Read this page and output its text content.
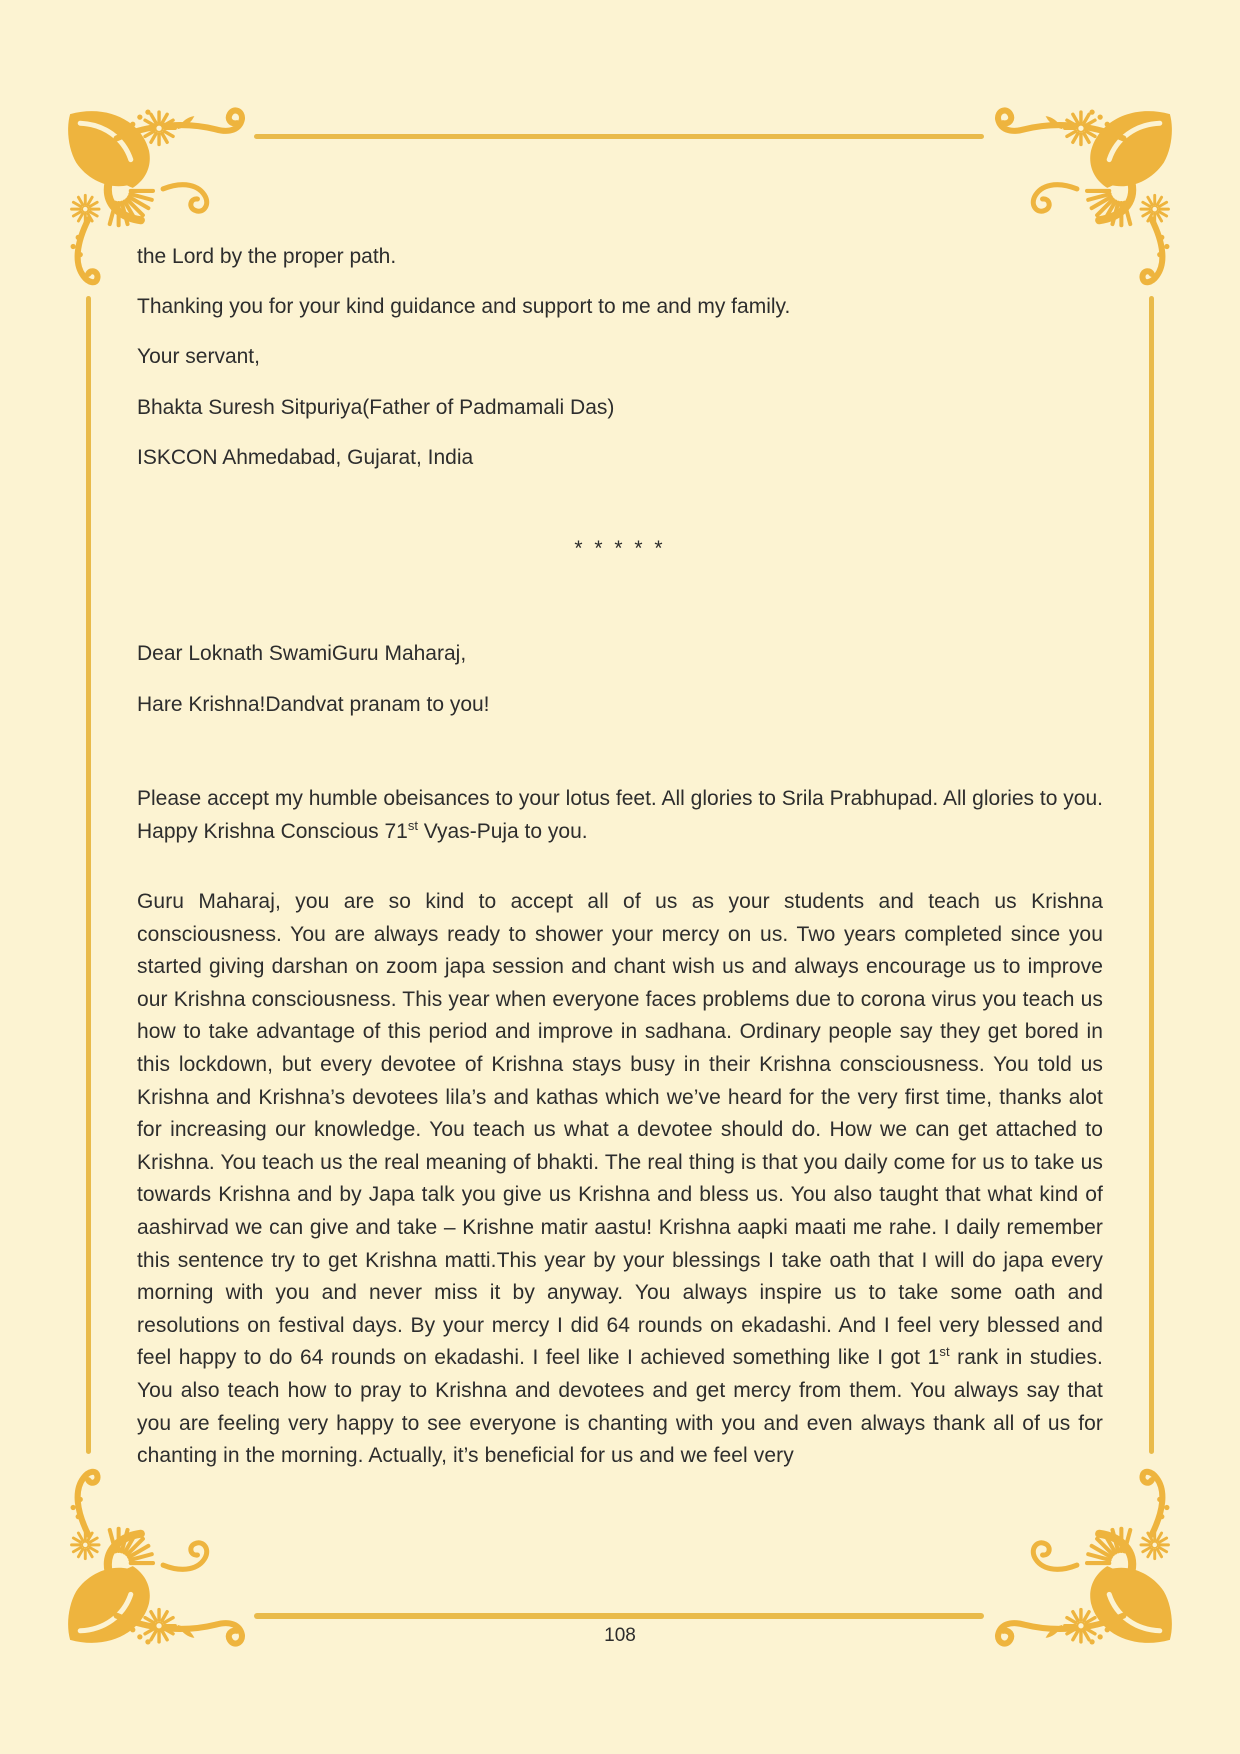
the Lord by the proper path.

Thanking you for your kind guidance and support to me and my family.

Your servant,

Bhakta Suresh Sitpuriya(Father of Padmamali Das)

ISKCON Ahmedabad, Gujarat, India

* * * * *

Dear Loknath SwamiGuru Maharaj,

Hare Krishna!Dandvat pranam to you!

Please accept my humble obeisances to your lotus feet. All glories to Srila Prabhupad. All glories to you. Happy Krishna Conscious 71st Vyas-Puja to you.

Guru Maharaj, you are so kind to accept all of us as your students and teach us Krishna consciousness. You are always ready to shower your mercy on us. Two years completed since you started giving darshan on zoom japa session and chant wish us and always encourage us to improve our Krishna consciousness. This year when everyone faces problems due to corona virus you teach us how to take advantage of this period and improve in sadhana. Ordinary people say they get bored in this lockdown, but every devotee of Krishna stays busy in their Krishna consciousness. You told us Krishna and Krishna’s devotees lila’s and kathas which we’ve heard for the very first time, thanks alot for increasing our knowledge. You teach us what a devotee should do. How we can get attached to Krishna. You teach us the real meaning of bhakti. The real thing is that you daily come for us to take us towards Krishna and by Japa talk you give us Krishna and bless us. You also taught that what kind of aashirvad we can give and take – Krishne matir aastu! Krishna aapki maati me rahe. I daily remember this sentence try to get Krishna matti.This year by your blessings I take oath that I will do japa every morning with you and never miss it by anyway. You always inspire us to take some oath and resolutions on festival days. By your mercy I did 64 rounds on ekadashi. And I feel very blessed and feel happy to do 64 rounds on ekadashi. I feel like I achieved something like I got 1st rank in studies. You also teach how to pray to Krishna and devotees and get mercy from them. You always say that you are feeling very happy to see everyone is chanting with you and even always thank all of us for chanting in the morning. Actually, it’s beneficial for us and we feel very

108
